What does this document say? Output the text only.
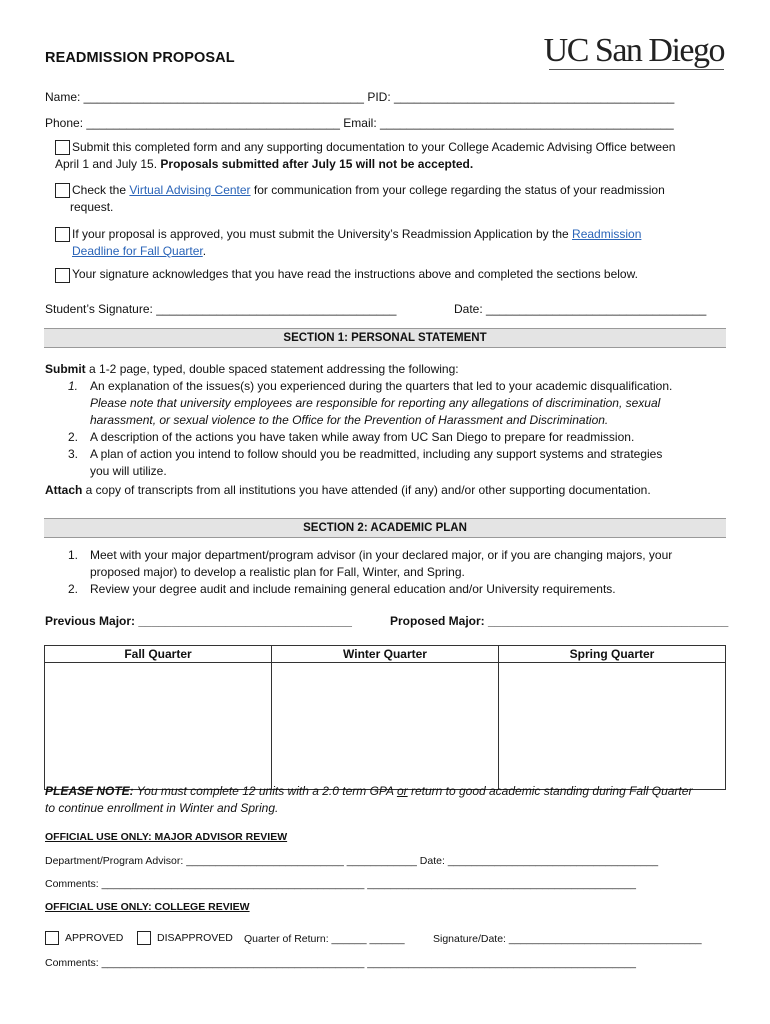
READMISSION PROPOSAL	UC San Diego
Name: __________________________________________ PID: __________________________________________
Phone: ______________________________________ Email: ____________________________________________
Submit this completed form and any supporting documentation to your College Academic Advising Office between
April 1 and July 15. Proposals submitted after July 15 will not be accepted.
Check the Virtual Advising Center for communication from your college regarding the status of your readmission
request.
If your proposal is approved, you must submit the University’s Readmission Application by the Readmission
Deadline for Fall Quarter.
Your signature acknowledges that you have read the instructions above and completed the sections below.
Student’s Signature: ____________________________________	Date: _________________________________
SECTION 1: PERSONAL STATEMENT
Submit a 1-2 page, typed, double spaced statement addressing the following:
1. An explanation of the issues(s) you experienced during the quarters that led to your academic disqualification.
Please note that university employees are responsible for reporting any allegations of discrimination, sexual
harassment, or sexual violence to the Office for the Prevention of Harassment and Discrimination.
2. A description of the actions you have taken while away from UC San Diego to prepare for readmission.
3. A plan of action you intend to follow should you be readmitted, including any support systems and strategies
you will utilize.
Attach a copy of transcripts from all institutions you have attended (if any) and/or other supporting documentation.
SECTION 2: ACADEMIC PLAN
1. Meet with your major department/program advisor (in your declared major, or if you are changing majors, your
proposed major) to develop a realistic plan for Fall, Winter, and Spring.
2. Review your degree audit and include remaining general education and/or University requirements.
Previous Major: ________________________________	Proposed Major: ____________________________________
Fall Quarter	Winter Quarter	Spring Quarter

PLEASE NOTE: You must complete 12 units with a 2.0 term GPA or return to good academic standing during Fall Quarter
to continue enrollment in Winter and Spring.
OFFICIAL USE ONLY: MAJOR ADVISOR REVIEW
Department/Program Advisor: ___________________________ ____________ Date: ____________________________________
Comments: _____________________________________________ ______________________________________________
OFFICIAL USE ONLY: COLLEGE REVIEW
APPROVED	DISAPPROVED Quarter of Return: ______ ______	Signature/Date: _________________________________
Comments: _____________________________________________ ______________________________________________
